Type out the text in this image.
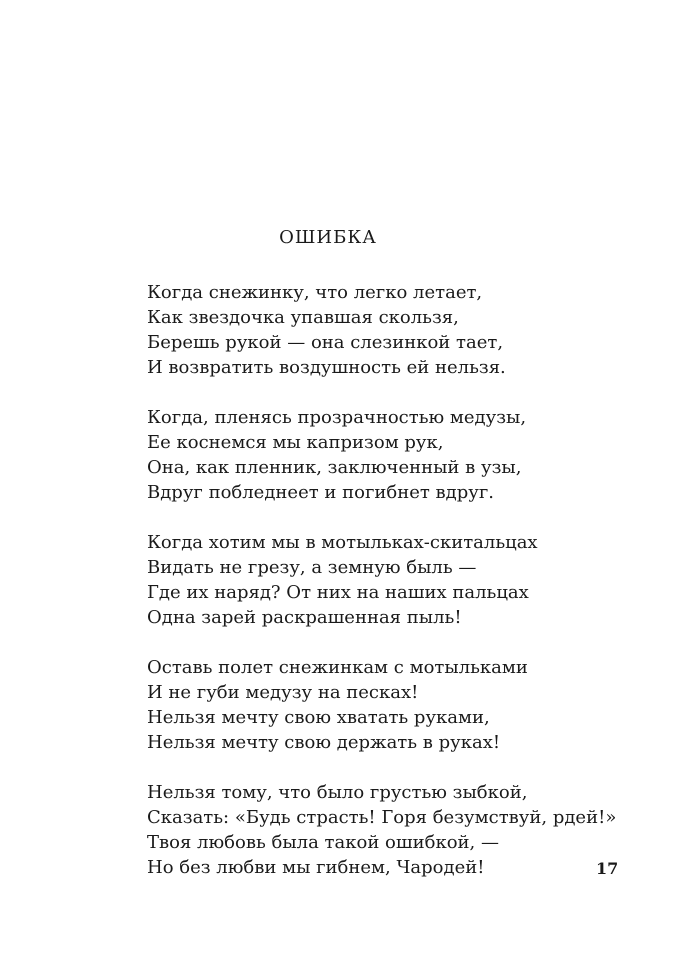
ОШИБКА
Когда снежинку, что легко летает,
Как звездочка упавшая скользя,
Берешь рукой — она слезинкой тает,
И возвратить воздушность ей нельзя.
Когда, пленясь прозрачностью медузы,
Ее коснемся мы капризом рук,
Она, как пленник, заключенный в узы,
Вдруг побледнеет и погибнет вдруг.
Когда хотим мы в мотыльках-скитальцах
Видать не грезу, а земную быль —
Где их наряд? От них на наших пальцах
Одна зарей раскрашенная пыль!
Оставь полет снежинкам с мотыльками
И не губи медузу на песках!
Нельзя мечту свою хватать руками,
Нельзя мечту свою держать в руках!
Нельзя тому, что было грустью зыбкой,
Сказать: «Будь страсть! Горя безумствуй, рдей!»
Твоя любовь была такой ошибкой, —
Но без любви мы гибнем, Чародей!	17
